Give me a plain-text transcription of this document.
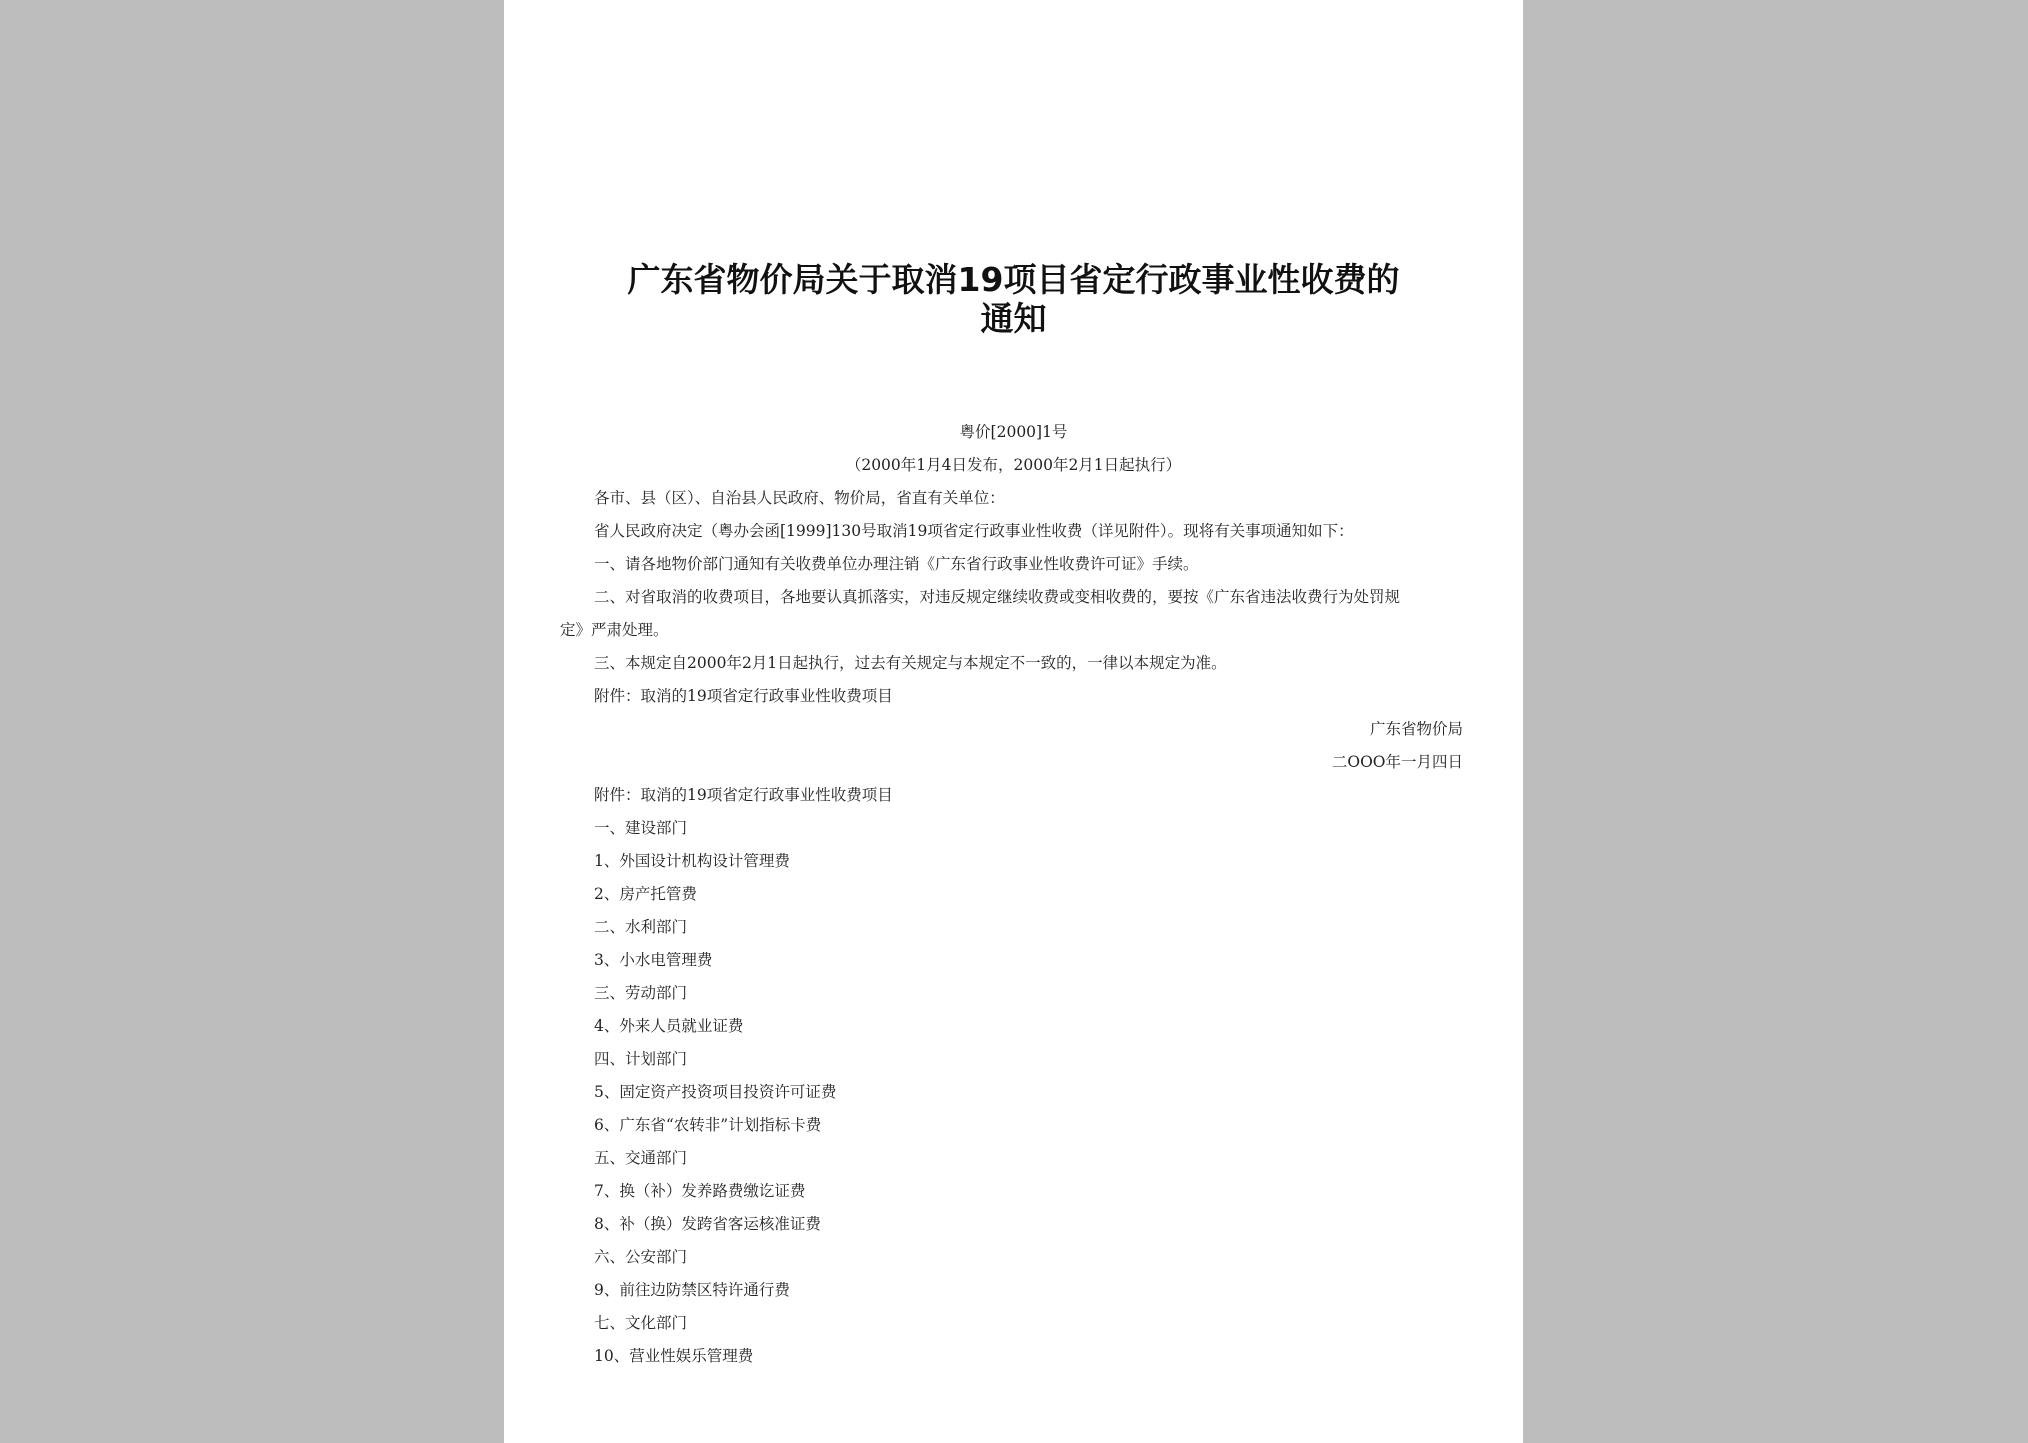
广东省物价局关于取消19项目省定行政事业性收费的
通知
粤价[2000]1号
（2000年1月4日发布，2000年2月1日起执行）
各市、县（区）、自治县人民政府、物价局，省直有关单位：
省人民政府决定（粤办会函[1999]130号取消19项省定行政事业性收费（详见附件）。现将有关事项通知如下：
一、请各地物价部门通知有关收费单位办理注销《广东省行政事业性收费许可证》手续。
二、对省取消的收费项目，各地要认真抓落实，对违反规定继续收费或变相收费的，要按《广东省违法收费行为处罚规
定》严肃处理。
三、本规定自2000年2月1日起执行，过去有关规定与本规定不一致的，一律以本规定为准。
附件：取消的19项省定行政事业性收费项目
广东省物价局
二OOO年一月四日
附件：取消的19项省定行政事业性收费项目
一、建设部门
1、外国设计机构设计管理费
2、房产托管费
二、水利部门
3、小水电管理费
三、劳动部门
4、外来人员就业证费
四、计划部门
5、固定资产投资项目投资许可证费
6、广东省“农转非”计划指标卡费
五、交通部门
7、换（补）发养路费缴讫证费
8、补（换）发跨省客运核准证费
六、公安部门
9、前往边防禁区特许通行费
七、文化部门
10、营业性娱乐管理费
